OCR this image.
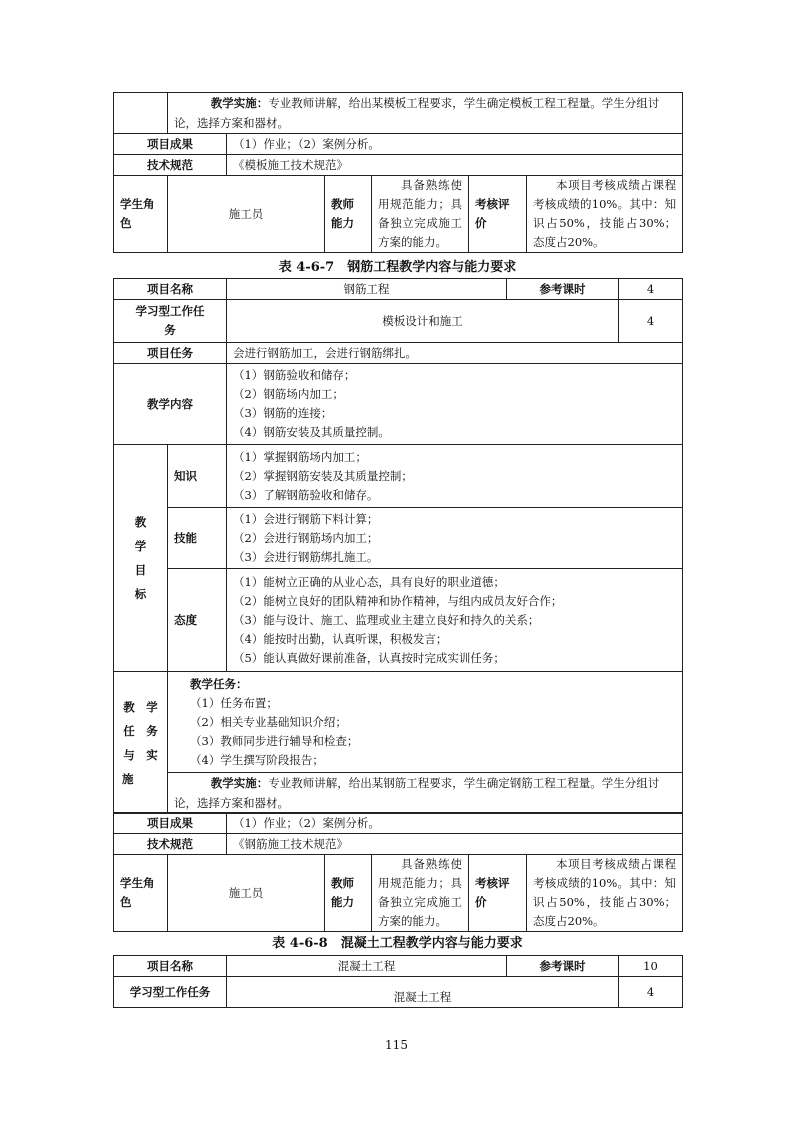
	教学实施：专业教师讲解，给出某模板工程要求，学生确定模板工程工程量。学生分组讨论，选择方案和器材。					

项目成果		（1）作业；（2）案例分析。				
技术规范		《模板施工技术规范》				
学生角色	施工员		教师能力	具备熟练使用规范能力；具备独立完成施工方案的能力。	考核评价	本项目考核成绩占课程考核成绩的10%。其中：知识占50%，技能占30%；态度占20%。
表 4-6-7　钢筋工程教学内容与能力要求
项目名称		钢筋工程	参考课时	4
学习型工作任务		模板设计和施工		4
项目任务		会进行钢筋加工，会进行钢筋绑扎。		
教学内容		（1）钢筋验收和储存；
（2）钢筋场内加工；
（3）钢筋的连接；
（4）钢筋安装及其质量控制。		

教
学
目
标	知识	（1）掌握钢筋场内加工；
（2）掌握钢筋安装及其质量控制；
（3）了解钢筋验收和储存。		

	技能	（1）会进行钢筋下料计算；
（2）会进行钢筋场内加工；
（3）会进行钢筋绑扎施工。		

	态度	（1）能树立正确的从业心态，具有良好的职业道德；
（2）能树立良好的团队精神和协作精神，与组内成员友好合作；
（3）能与设计、施工、监理或业主建立良好和持久的关系；
（4）能按时出勤，认真听课，积极发言；
（5）能认真做好课前准备，认真按时完成实训任务；		

教　学
任　务
与　实
施	教学任务：
（1）任务布置；
（2）相关专业基础知识介绍；
（3）教师同步进行辅导和检查；
（4）学生撰写阶段报告；			

	教学实施：专业教师讲解，给出某钢筋工程要求，学生确定钢筋工程工程量。学生分组讨论，选择方案和器材。			
项目成果		（1）作业；（2）案例分析。				
技术规范		《钢筋施工技术规范》				
学生角色	施工员		教师能力	具备熟练使用规范能力；具备独立完成施工方案的能力。	考核评价	本项目考核成绩占课程考核成绩的10%。其中：知识占50%，技能占30%；态度占20%。
表 4-6-8　混凝土工程教学内容与能力要求
项目名称	混凝土工程	参考课时	10
学习型工作任务	混凝土工程		4
115
